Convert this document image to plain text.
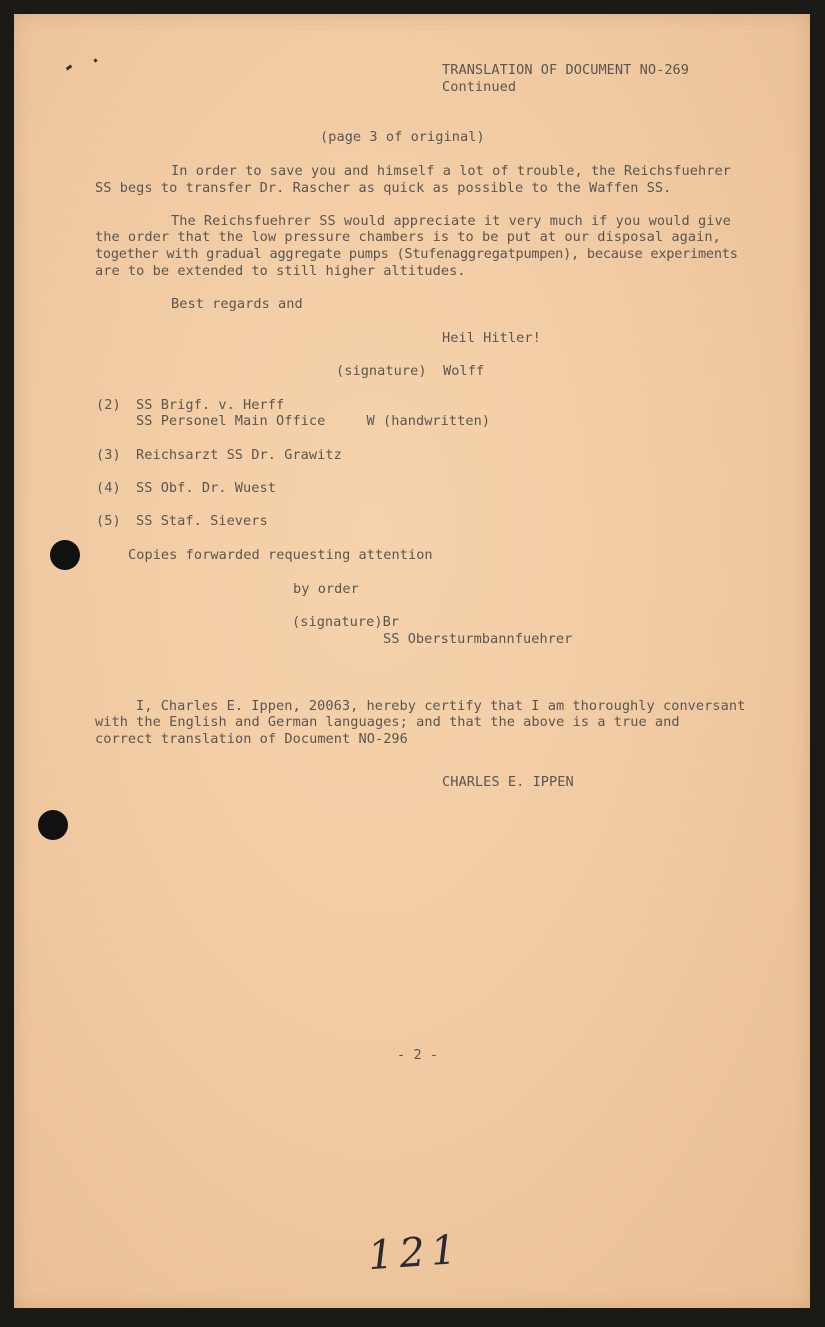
TRANSLATION OF DOCUMENT NO-269

Continued

(page 3 of original)

In order to save you and himself a lot of trouble, the Reichsfuehrer

SS begs to transfer Dr. Rascher as quick as possible to the Waffen SS.

The Reichsfuehrer SS would appreciate it very much if you would give

the order that the low pressure chambers is to be put at our disposal again,

together with gradual aggregate pumps (Stufenaggregatpumpen), because experiments

are to be extended to still higher altitudes.

Best regards and

Heil Hitler!

(signature)  Wolff

(2) SS Brigf. v. Herff

SS Personel Main Office     W (handwritten)

(3) Reichsarzt SS Dr. Grawitz

(4) SS Obf. Dr. Wuest

(5) SS Staf. Sievers

Copies forwarded requesting attention

by order

(signature)Br

SS Obersturmbannfuehrer

I, Charles E. Ippen, 20063, hereby certify that I am thoroughly conversant

with the English and German languages; and that the above is a true and

correct translation of Document NO-296

CHARLES E. IPPEN

- 2 -

121
